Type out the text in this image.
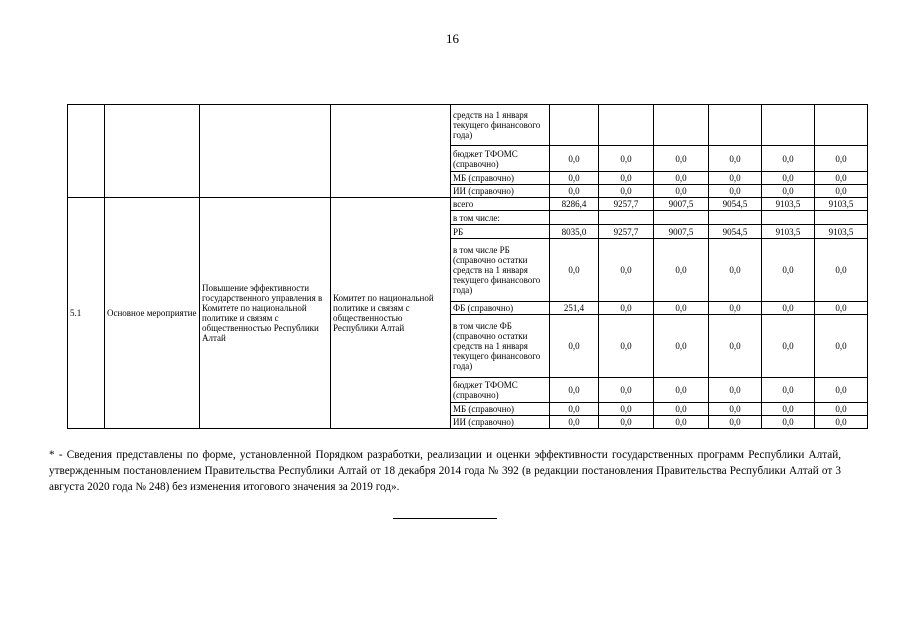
16
				средств на 1 января текущего финансового года)						
				бюджет ТФОМС (справочно)	0,0	0,0	0,0	0,0	0,0	0,0
				МБ (справочно)	0,0	0,0	0,0	0,0	0,0	0,0
				ИИ (справочно)	0,0	0,0	0,0	0,0	0,0	0,0
5.1	Основное мероприятие	Повышение эффективности государственного управления в Комитете по национальной политике и связям с общественностью Республики Алтай	Комитет по национальной политике и связям с общественностью Республики Алтай	всего	8286,4	9257,7	9007,5	9054,5	9103,5	9103,5
				в том числе:						
				РБ	8035,0	9257,7	9007,5	9054,5	9103,5	9103,5
				в том числе РБ (справочно остатки средств на 1 января текущего финансового года)	0,0	0,0	0,0	0,0	0,0	0,0
				ФБ (справочно)	251,4	0,0	0,0	0,0	0,0	0,0
				в том числе ФБ (справочно остатки средств на 1 января текущего финансового года)	0,0	0,0	0,0	0,0	0,0	0,0
				бюджет ТФОМС (справочно)	0,0	0,0	0,0	0,0	0,0	0,0
				МБ (справочно)	0,0	0,0	0,0	0,0	0,0	0,0
				ИИ (справочно)	0,0	0,0	0,0	0,0	0,0	0,0
* - Сведения представлены по форме, установленной Порядком разработки, реализации и оценки эффективности государственных программ Республики Алтай, утвержденным постановлением Правительства Республики Алтай от 18 декабря 2014 года № 392 (в редакции постановления Правительства Республики Алтай от 3 августа 2020 года № 248) без изменения итогового значения за 2019 год».
